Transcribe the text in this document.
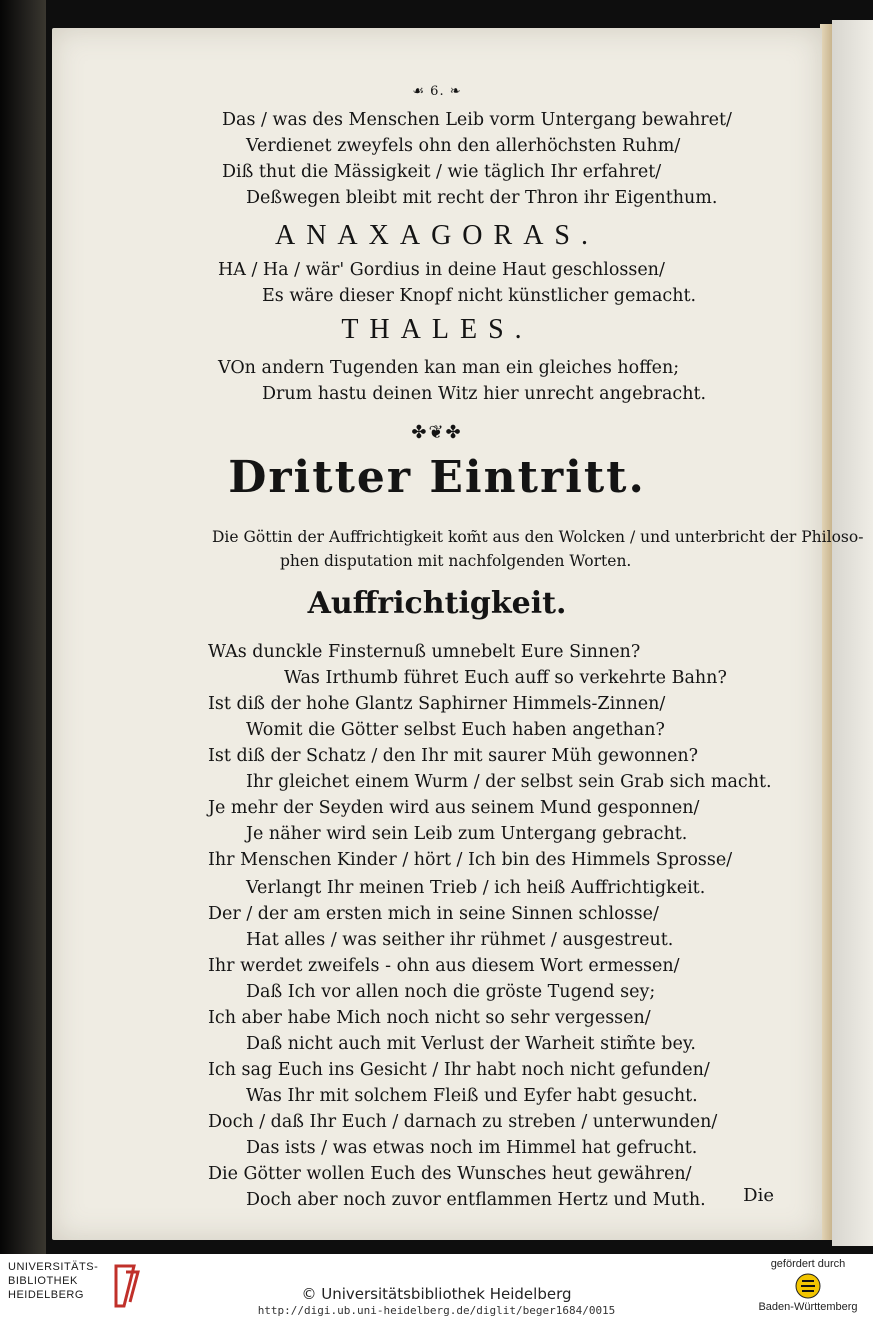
☙ 6. ❧
Das / was des Menschen Leib vorm Untergang bewahret/
Verdienet zweyfels ohn den allerhöchsten Ruhm/
Diß thut die Mässigkeit / wie täglich Ihr erfahret/
Deßwegen bleibt mit recht der Thron ihr Eigenthum.
ANAXAGORAS.
HA / Ha / wär' Gordius in deine Haut geschlossen/
Es wäre dieser Knopf nicht künstlicher gemacht.
THALES.
VOn andern Tugenden kan man ein gleiches hoffen;
Drum hastu deinen Witz hier unrecht angebracht.
✤❦✤
Dritter Eintritt.
Die Göttin der Auffrichtigkeit kom̃t aus den Wolcken / und unterbricht der Philoso-
phen disputation mit nachfolgenden Worten.
Auffrichtigkeit.
WAs dunckle Finsternuß umnebelt Eure Sinnen?
Was Irthumb führet Euch auff so verkehrte Bahn?
Ist diß der hohe Glantz Saphirner Himmels-Zinnen/
Womit die Götter selbst Euch haben angethan?
Ist diß der Schatz / den Ihr mit saurer Müh gewonnen?
Ihr gleichet einem Wurm / der selbst sein Grab sich macht.
Je mehr der Seyden wird aus seinem Mund gesponnen/
Je näher wird sein Leib zum Untergang gebracht.
Ihr Menschen Kinder / hört / Ich bin des Himmels Sprosse/
Verlangt Ihr meinen Trieb / ich heiß Auffrichtigkeit.
Der / der am ersten mich in seine Sinnen schlosse/
Hat alles / was seither ihr rühmet / ausgestreut.
Ihr werdet zweifels - ohn aus diesem Wort ermessen/
Daß Ich vor allen noch die gröste Tugend sey;
Ich aber habe Mich noch nicht so sehr vergessen/
Daß nicht auch mit Verlust der Warheit stim̃te bey.
Ich sag Euch ins Gesicht / Ihr habt noch nicht gefunden/
Was Ihr mit solchem Fleiß und Eyfer habt gesucht.
Doch / daß Ihr Euch / darnach zu streben / unterwunden/
Das ists / was etwas noch im Himmel hat gefrucht.
Die Götter wollen Euch des Wunsches heut gewähren/
Doch aber noch zuvor entflammen Hertz und Muth. Die
UNIVERSITÄTS-
BIBLIOTHEK
HEIDELBERG	© Universitätsbibliothek Heidelberg
http://digi.ub.uni-heidelberg.de/diglit/beger1684/0015
gefördert durch
Baden-Württemberg
